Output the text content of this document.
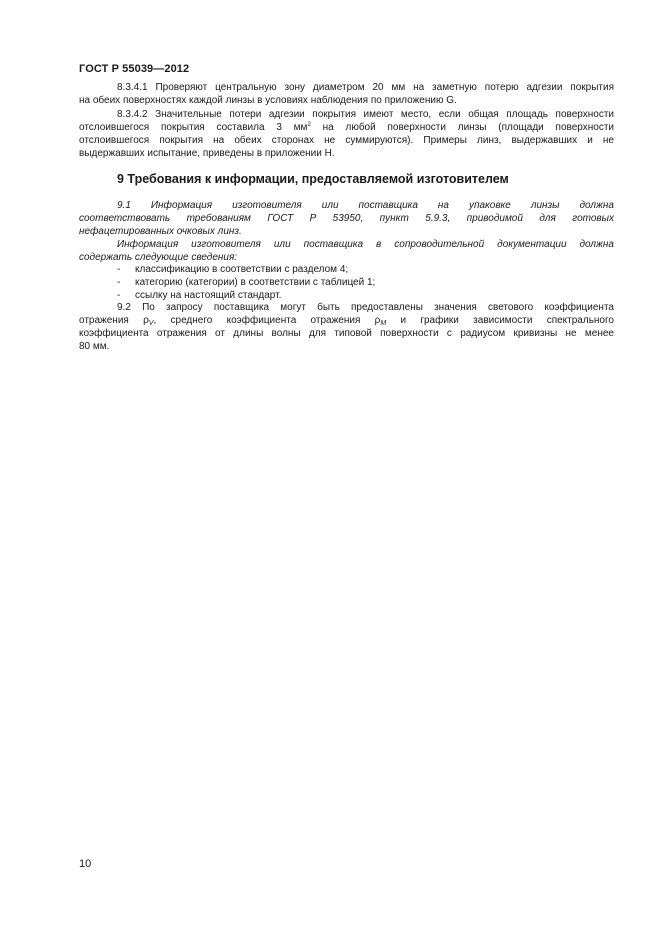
ГОСТ Р 55039—2012
8.3.4.1 Проверяют центральную зону диаметром 20 мм на заметную потерю адгезии покрытия
на обеих поверхностях каждой линзы в условиях наблюдения по приложению G.
8.3.4.2 Значительные потери адгезии покрытия имеют место, если общая площадь поверхности
отслоившегося покрытия составила 3 $мм^2$ на любой поверхности линзы (площади поверхности
отслоившегося покрытия на обеих сторонах не суммируются). Примеры линз, выдержавших и не
выдержавших испытание, приведены в приложении H.
9 Требования к информации, предоставляемой изготовителем
9.1 Информация изготовителя или поставщика на упаковке линзы должна
соответствовать требованиям ГОСТ Р 53950, пункт 5.9.3, приводимой для готовых
нефацетированных очковых линз.
Информация изготовителя или поставщика в сопроводительной документации должна
содержать следующие сведения:
- классификацию в соответствии с разделом 4;
- категорию (категории) в соответствии с таблицей 1;
- ссылку на настоящий стандарт.
9.2 По запросу поставщика могут быть предоставлены значения светового коэффициента
отражения $\rho_V$, среднего коэффициента отражения $\rho_M$ и графики зависимости спектрального
коэффициента отражения от длины волны для типовой поверхности с радиусом кривизны не менее
80 мм.
10
